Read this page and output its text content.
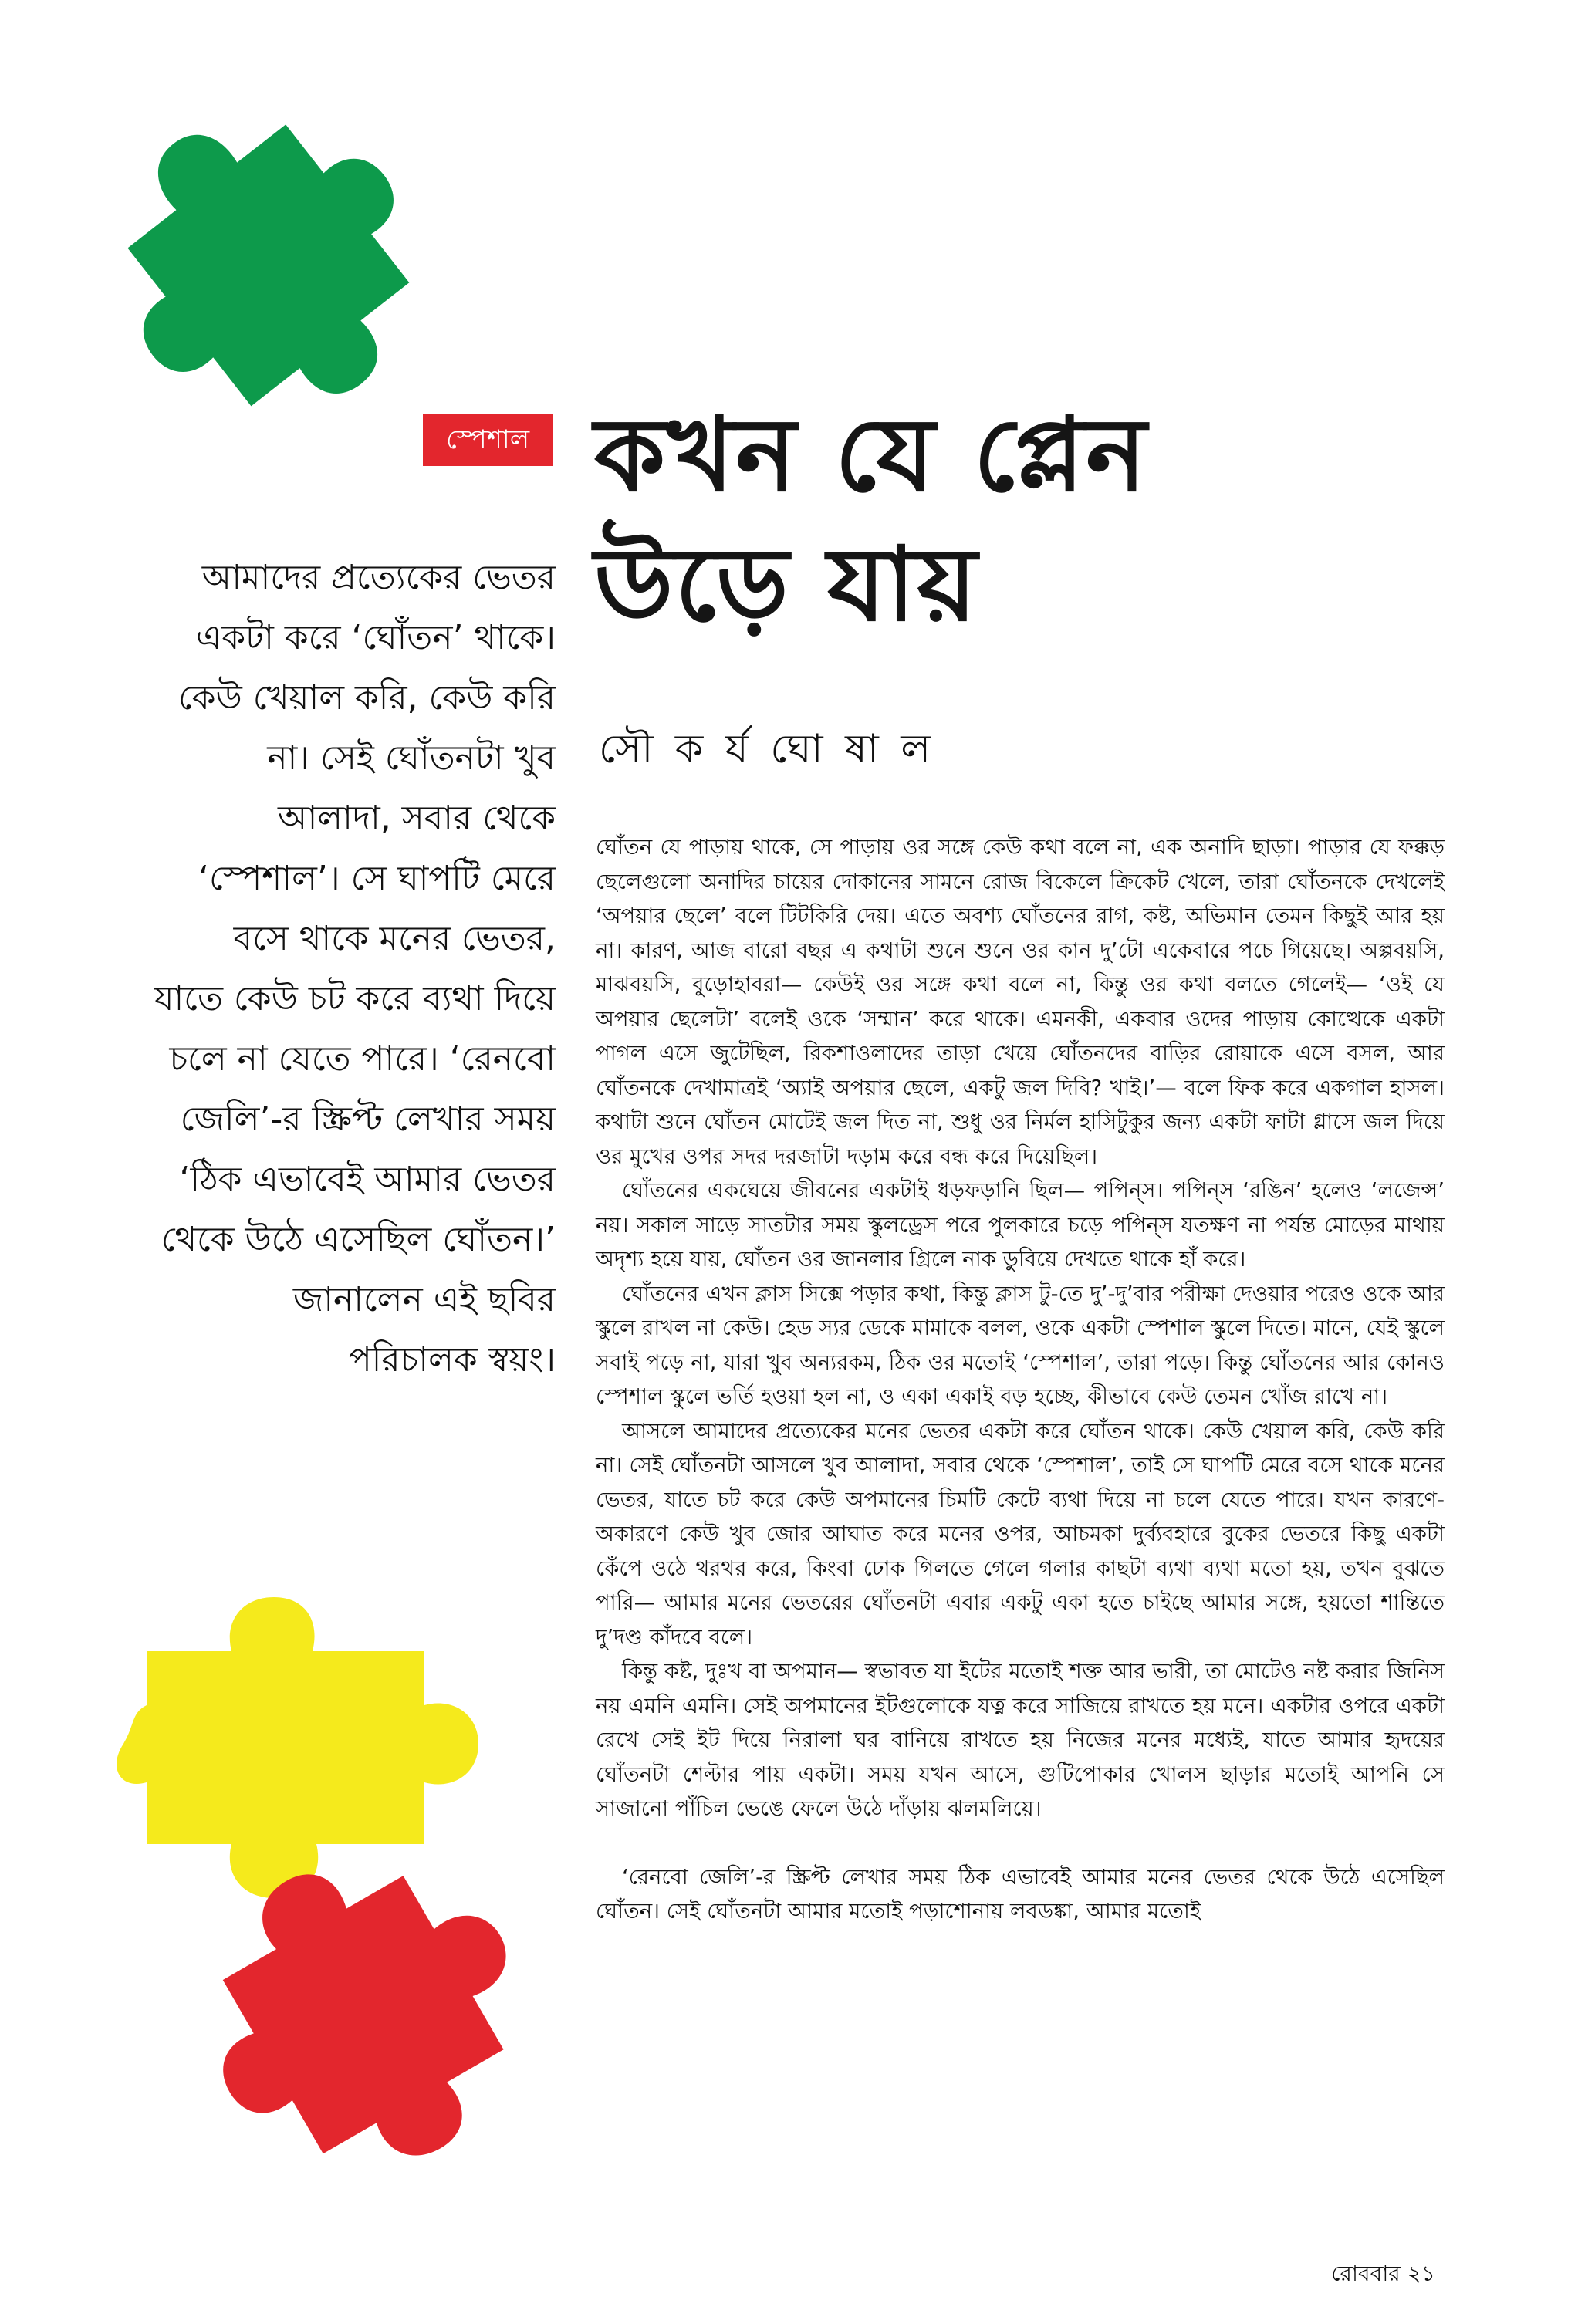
স্পেশাল কখন যে প্লেন
উড়ে যায়
সৌ ক র্য ঘো ষা ল
আমাদের প্রত্যেকের ভেতর একটা করে ‘ঘোঁতন’ থাকে। কেউ খেয়াল করি, কেউ করি না। সেই ঘোঁতনটা খুব আলাদা, সবার থেকে ‘স্পেশাল’। সে ঘাপটি মেরে বসে থাকে মনের ভেতর, যাতে কেউ চট করে ব্যথা দিয়ে চলে না যেতে পারে। ‘রেনবো জেলি’-র স্ক্রিপ্ট লেখার সময় ‘ঠিক এভাবেই আমার ভেতর থেকে উঠে এসেছিল ঘোঁতন।’ জানালেন এই ছবির পরিচালক স্বয়ং।

ঘোঁতন যে পাড়ায় থাকে, সে পাড়ায় ওর সঙ্গে কেউ কথা বলে না, এক অনাদি ছাড়া। পাড়ার যে ফক্কড় ছেলেগুলো অনাদির চায়ের দোকানের সামনে রোজ বিকেলে ক্রিকেট খেলে, তারা ঘোঁতনকে দেখলেই ‘অপয়ার ছেলে’ বলে টিটকিরি দেয়। এতে অবশ্য ঘোঁতনের রাগ, কষ্ট, অভিমান তেমন কিছুই আর হয় না। কারণ, আজ বারো বছর এ কথাটা শুনে শুনে ওর কান দু’টো একেবারে পচে গিয়েছে। অল্পবয়সি, মাঝবয়সি, বুড়োহাবরা— কেউই ওর সঙ্গে কথা বলে না, কিন্তু ওর কথা বলতে গেলেই— ‘ওই যে অপয়ার ছেলেটা’ বলেই ওকে ‘সম্মান’ করে থাকে। এমনকী, একবার ওদের পাড়ায় কোত্থেকে একটা পাগল এসে জুটেছিল, রিকশাওলাদের তাড়া খেয়ে ঘোঁতনদের বাড়ির রোয়াকে এসে বসল, আর ঘোঁতনকে দেখামাত্রই ‘অ্যাই অপয়ার ছেলে, একটু জল দিবি? খাই।’— বলে ফিক করে একগাল হাসল। কথাটা শুনে ঘোঁতন মোটেই জল দিত না, শুধু ওর নির্মল হাসিটুকুর জন্য একটা ফাটা গ্লাসে জল দিয়ে ওর মুখের ওপর সদর দরজাটা দড়াম করে বন্ধ করে দিয়েছিল।

ঘোঁতনের একঘেয়ে জীবনের একটাই ধড়ফড়ানি ছিল— পপিন্‌স। পপিন্‌স ‘রঙিন’ হলেও ‘লজেন্স’ নয়। সকাল সাড়ে সাতটার সময় স্কুলড্রেস পরে পুলকারে চড়ে পপিন্‌স যতক্ষণ না পর্যন্ত মোড়ের মাথায় অদৃশ্য হয়ে যায়, ঘোঁতন ওর জানলার গ্রিলে নাক ডুবিয়ে দেখতে থাকে হাঁ করে।

ঘোঁতনের এখন ক্লাস সিক্সে পড়ার কথা, কিন্তু ক্লাস টু-তে দু’-দু’বার পরীক্ষা দেওয়ার পরেও ওকে আর স্কুলে রাখল না কেউ। হেড স্যর ডেকে মামাকে বলল, ওকে একটা স্পেশাল স্কুলে দিতে। মানে, যেই স্কুলে সবাই পড়ে না, যারা খুব অন্যরকম, ঠিক ওর মতোই ‘স্পেশাল’, তারা পড়ে। কিন্তু ঘোঁতনের আর কোনও স্পেশাল স্কুলে ভর্তি হওয়া হল না, ও একা একাই বড় হচ্ছে, কীভাবে কেউ তেমন খোঁজ রাখে না।

আসলে আমাদের প্রত্যেকের মনের ভেতর একটা করে ঘোঁতন থাকে। কেউ খেয়াল করি, কেউ করি না। সেই ঘোঁতনটা আসলে খুব আলাদা, সবার থেকে ‘স্পেশাল’, তাই সে ঘাপটি মেরে বসে থাকে মনের ভেতর, যাতে চট করে কেউ অপমানের চিমটি কেটে ব্যথা দিয়ে না চলে যেতে পারে। যখন কারণে-অকারণে কেউ খুব জোর আঘাত করে মনের ওপর, আচমকা দুর্ব্যবহারে বুকের ভেতরে কিছু একটা কেঁপে ওঠে থরথর করে, কিংবা ঢোক গিলতে গেলে গলার কাছটা ব্যথা ব্যথা মতো হয়, তখন বুঝতে পারি— আমার মনের ভেতরের ঘোঁতনটা এবার একটু একা হতে চাইছে আমার সঙ্গে, হয়তো শান্তিতে দু’দণ্ড কাঁদবে বলে।

কিন্তু কষ্ট, দুঃখ বা অপমান— স্বভাবত যা ইটের মতোই শক্ত আর ভারী, তা মোটেও নষ্ট করার জিনিস নয় এমনি এমনি। সেই অপমানের ইটগুলোকে যত্ন করে সাজিয়ে রাখতে হয় মনে। একটার ওপরে একটা রেখে সেই ইট দিয়ে নিরালা ঘর বানিয়ে রাখতে হয় নিজের মনের মধ্যেই, যাতে আমার হৃদয়ের ঘোঁতনটা শেল্টার পায় একটা। সময় যখন আসে, গুটিপোকার খোলস ছাড়ার মতোই আপনি সে সাজানো পাঁচিল ভেঙে ফেলে উঠে দাঁড়ায় ঝলমলিয়ে।

‘রেনবো জেলি’-র স্ক্রিপ্ট লেখার সময় ঠিক এভাবেই আমার মনের ভেতর থেকে উঠে এসেছিল ঘোঁতন। সেই ঘোঁতনটা আমার মতোই পড়াশোনায় লবডঙ্কা, আমার মতোই

রোববার ২১
